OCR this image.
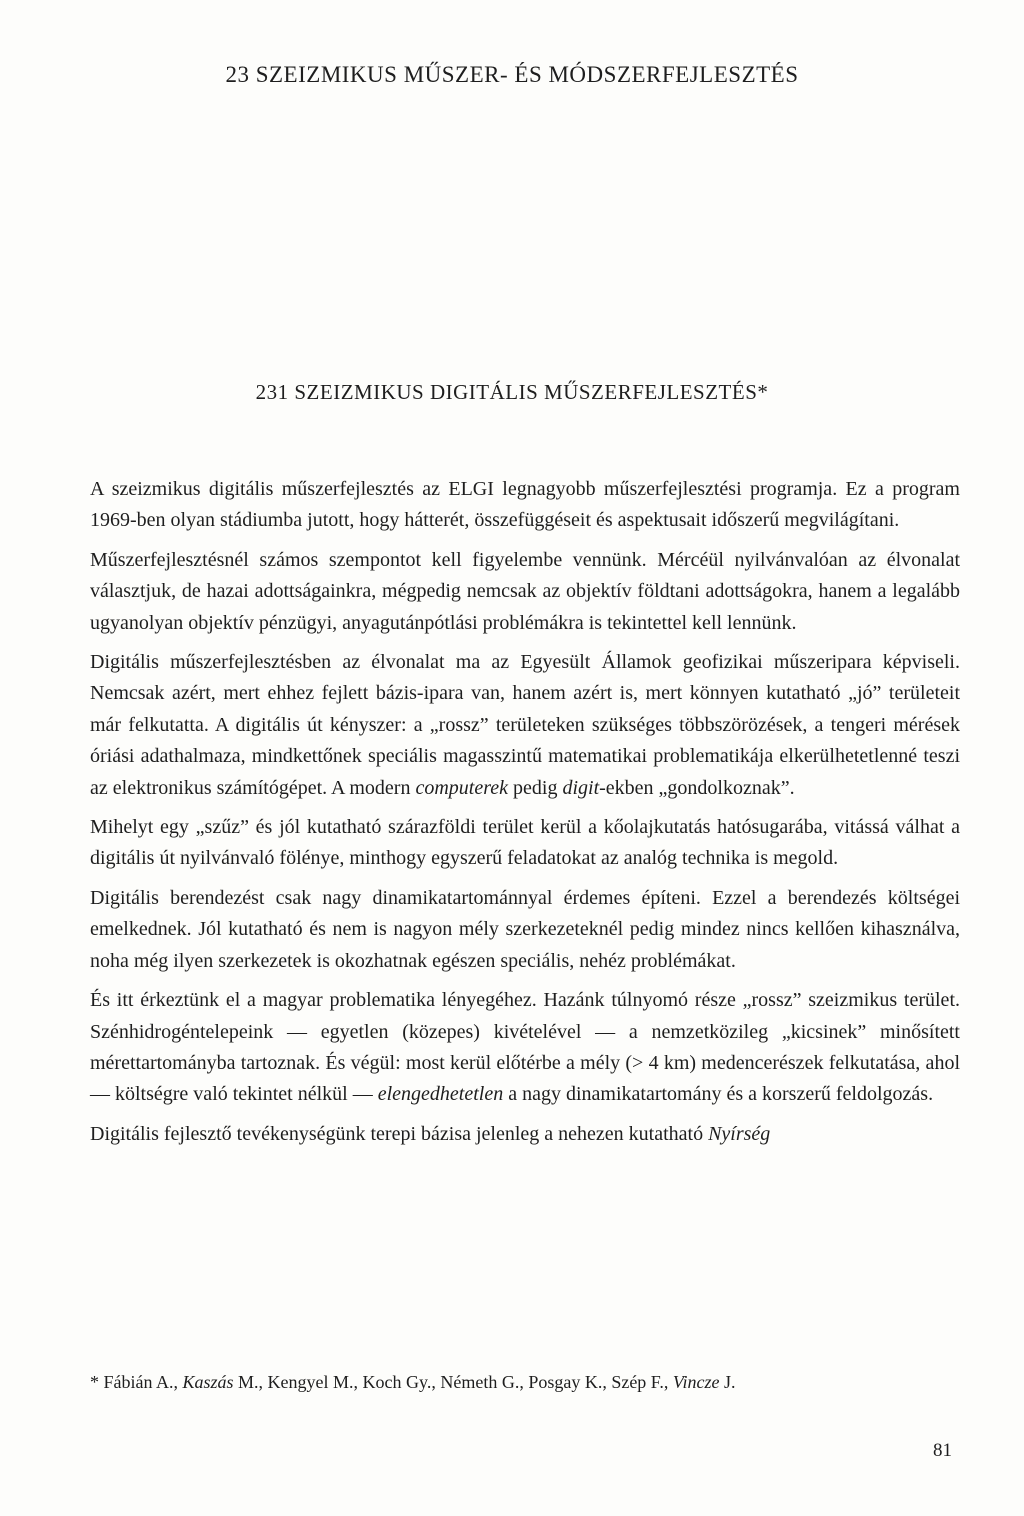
23 SZEIZMIKUS MŰSZER- ÉS MÓDSZERFEJLESZTÉS
231 SZEIZMIKUS DIGITÁLIS MŰSZERFEJLESZTÉS*

A szeizmikus digitális műszerfejlesztés az ELGI legnagyobb műszerfejlesztési programja. Ez a program 1969-ben olyan stádiumba jutott, hogy hátterét, összefüggéseit és aspektusait időszerű megvilágítani.

Műszerfejlesztésnél számos szempontot kell figyelembe vennünk. Mércéül nyilvánvalóan az élvonalat választjuk, de hazai adottságainkra, mégpedig nemcsak az objektív földtani adottságokra, hanem a legalább ugyanolyan objektív pénzügyi, anyagutánpótlási problémákra is tekintettel kell lennünk.

Digitális műszerfejlesztésben az élvonalat ma az Egyesült Államok geofizikai műszeripara képviseli. Nemcsak azért, mert ehhez fejlett bázis-ipara van, hanem azért is, mert könnyen kutatható „jó” területeit már felkutatta. A digitális út kényszer: a „rossz” területeken szükséges többszörözések, a tengeri mérések óriási adathalmaza, mindkettőnek speciális magasszintű matematikai problematikája elkerülhetetlenné teszi az elektronikus számítógépet. A modern computerek pedig digit-ekben „gondolkoznak”.

Mihelyt egy „szűz” és jól kutatható szárazföldi terület kerül a kőolajkutatás hatósugarába, vitássá válhat a digitális út nyilvánvaló fölénye, minthogy egyszerű feladatokat az analóg technika is megold.

Digitális berendezést csak nagy dinamikatartománnyal érdemes építeni. Ezzel a berendezés költségei emelkednek. Jól kutatható és nem is nagyon mély szerkezeteknél pedig mindez nincs kellően kihasználva, noha még ilyen szerkezetek is okozhatnak egészen speciális, nehéz problémákat.

És itt érkeztünk el a magyar problematika lényegéhez. Hazánk túlnyomó része „rossz” szeizmikus terület. Szénhidrogéntelepeink — egyetlen (közepes) kivételével — a nemzetközileg „kicsinek” minősített mérettartományba tartoznak. És végül: most kerül előtérbe a mély (> 4 km) medencerészek felkutatása, ahol — költségre való tekintet nélkül — elengedhetetlen a nagy dinamikatartomány és a korszerű feldolgozás.

Digitális fejlesztő tevékenységünk terepi bázisa jelenleg a nehezen kutatható Nyírség

* Fábián A., Kaszás M., Kengyel M., Koch Gy., Németh G., Posgay K., Szép F., Vincze J.

81
